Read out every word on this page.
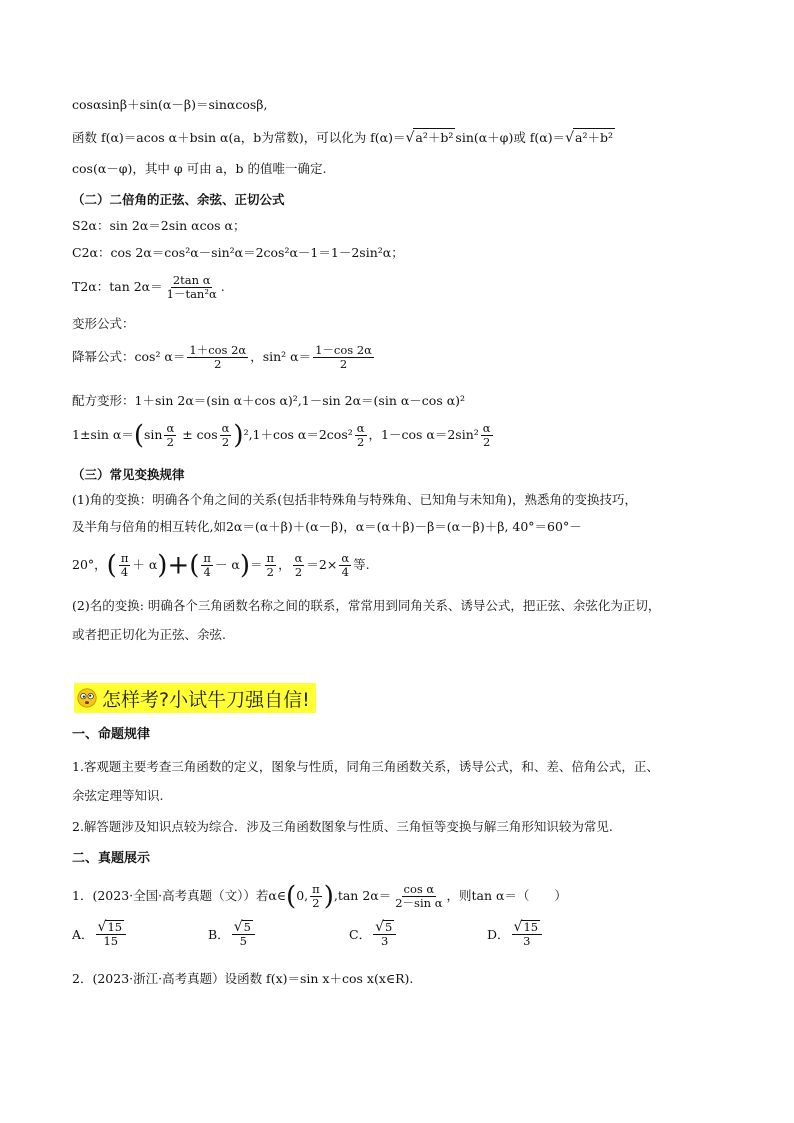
cosαsinβ＋sin(α－β)＝sinαcosβ,
函数 f(α)＝acos α＋bsin α(a，b为常数)，可以化为 f(α)＝√a²＋b² sin(α＋φ)或 f(α)＝√a²＋b²
cos(α－φ)，其中 φ 可由 a，b 的值唯一确定.
（二）二倍角的正弦、余弦、正切公式
S2α：sin 2α＝2sin αcos α；
C2α：cos 2α＝cos²α－sin²α＝2cos²α－1＝1－2sin²α；
T2α：$\tan 2\alpha= \frac{\text{2tan α}}{\text{1－tan²α}}$ .
变形公式：
降幂公式：cos² $\alpha= \frac{1+\cos 2\alpha}{2}$ ，sin² $\alpha= \frac{1-\cos 2\alpha}{2}$
配方变形：1＋sin 2α＝(sin α＋cos α)²,1－sin 2α＝(sin α－cos α)²
1±sin $\alpha=(\sin \frac{\alpha}{2} \pm \cos \frac{\alpha}{2} )^2,1+\cos$ $\alpha=2\cos^2 \frac{\alpha}{2}$ ，1－cos $\alpha=2\sin^2 \frac{\alpha}{2}$
（三）常见变换规律
(1)角的变换：明确各个角之间的关系(包括非特殊角与特殊角、已知角与未知角)，熟悉角的变换技巧，
及半角与倍角的相互转化,如2α＝(α＋β)＋(α－β)，α＝(α＋β)－β＝(α－β)＋β, 40°＝60°－
20°，( $\frac{\pi}{4} + \alpha)+( \frac{\pi}{4} - \alpha)= \frac{\pi}{2}$ ， $\frac{\alpha}{2} =2\times \frac{\alpha}{4}$ 等.
(2)名的变换: 明确各个三角函数名称之间的联系，常常用到同角关系、诱导公式，把正弦、余弦化为正切，
或者把正切化为正弦、余弦.
怎样考?小试牛刀强自信!
一、命题规律
1.客观题主要考查三角函数的定义，图象与性质，同角三角函数关系，诱导公式，和、差、倍角公式，正、
余弦定理等知识.
2.解答题涉及知识点较为综合．涉及三角函数图象与性质、三角恒等变换与解三角形知识较为常见.
二、真题展示
1．(2023·全国·高考真题（文））若α∈(0, $\frac{\pi}{2} ),\tan$ $2\alpha= \frac{\text{cos α}}{\text{2－sin α}}$ ，则tan α＝（　　）
A． $\frac{√15}{15}$	B． $\frac{√5}{5}$	C． $\frac{√5}{3}$	D． $\frac{√15}{3}$
2．(2023·浙江·高考真题）设函数 f(x)＝sin x＋cos x(x∈R).
